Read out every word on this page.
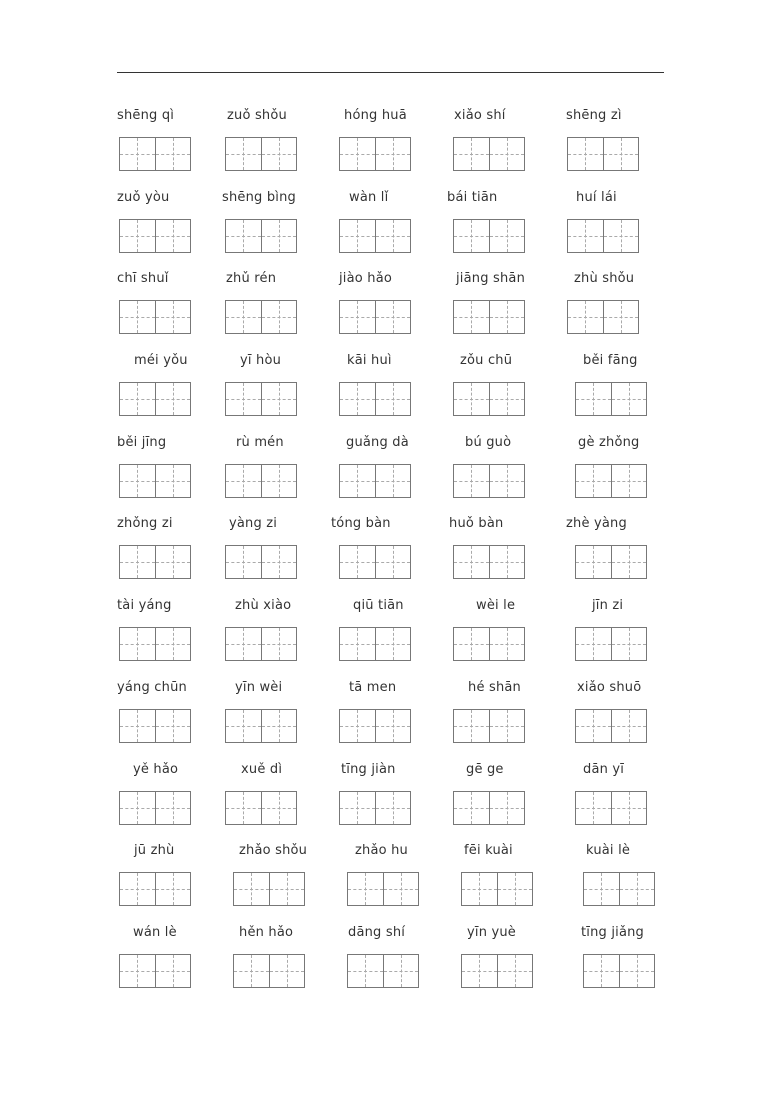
shēng qì	zuǒ shǒu	hóng huā	xiǎo shí	shēng zì
zuǒ yòu	shēng bìng	wàn lǐ	bái tiān	huí lái
chī shuǐ	zhǔ rén	jiào hǎo	jiāng shān	zhù shǒu
méi yǒu	yī hòu	kāi huì	zǒu chū	běi fāng
běi jīng	rù mén	guǎng dà	bú guò	gè zhǒng
zhǒng zi	yàng zi	tóng bàn	huǒ bàn	zhè yàng
tài yáng	zhù xiào	qiū tiān	wèi le	jīn zi
yáng chūn	yīn wèi	tā men	hé shān	xiǎo shuō
yě hǎo	xuě dì	tīng jiàn	gē ge	dān yī
jū zhù	zhǎo shǒu	zhǎo hu	fēi kuài	kuài lè
wán lè	hěn hǎo	dāng shí	yīn yuè	tīng jiǎng
